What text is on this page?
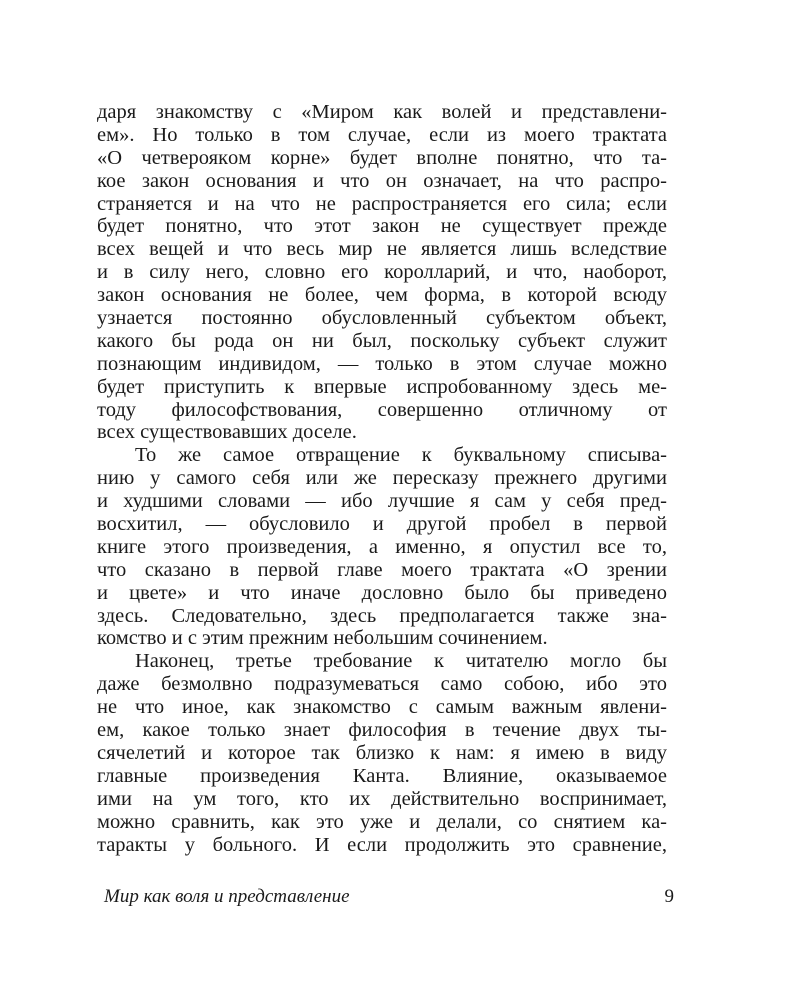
даря знакомству с «Миром как волей и представлени-
ем». Но только в том случае, если из моего трактата
«О четвероякoм корне» будет вполне понятно, что та-
кое закон основания и что он означает, на что распро-
страняется и на что не распространяется его сила; если
будет понятно, что этот закон не существует прежде
всех вещей и что весь мир не является лишь вследствие
и в силу него, словно его королларий, и что, наоборот,
закон основания не более, чем форма, в которой всюду
узнается постоянно обусловленный субъектом объект,
какого бы рода он ни был, поскольку субъект служит
познающим индивидом, — только в этом случае можно
будет приступить к впервые испробованному здесь ме-
тоду философствования, совершенно отличному от
всех существовавших доселе.
То же самое отвращение к буквальному списыва-
нию у самого себя или же пересказу прежнего другими
и худшими словами — ибо лучшие я сам у себя пред-
восхитил, — обусловило и другой пробел в первой
книге этого произведения, а именно, я опустил все то,
что сказано в первой главе моего трактата «О зрении
и цвете» и что иначе дословно было бы приведено
здесь. Следовательно, здесь предполагается также зна-
комство и с этим прежним небольшим сочинением.
Наконец, третье требование к читателю могло бы
даже безмолвно подразумеваться само собою, ибо это
не что иное, как знакомство с самым важным явлени-
ем, какое только знает философия в течение двух ты-
сячелетий и которое так близко к нам: я имею в виду
главные произведения Канта. Влияние, оказываемое
ими на ум того, кто их действительно воспринимает,
можно сравнить, как это уже и делали, со снятием ка-
таракты у больного. И если продолжить это сравнение,
Мир как воля и представление	9
